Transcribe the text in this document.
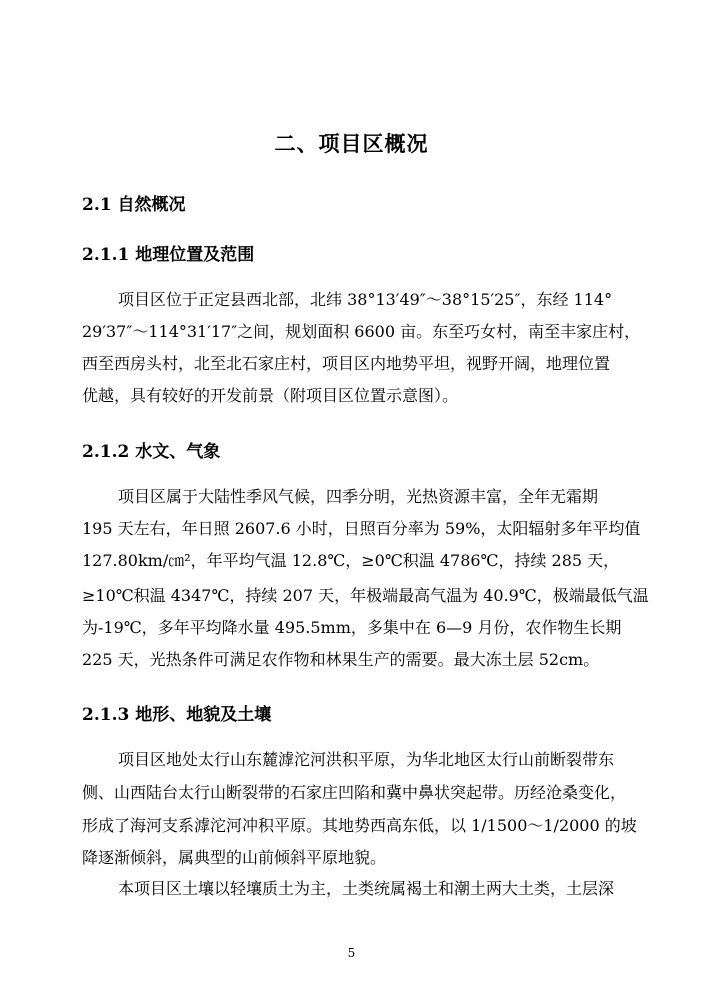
二、项目区概况
2.1 自然概况
2.1.1 地理位置及范围
项目区位于正定县西北部，北纬 38°13′49″～38°15′25″，东经 114°
29′37″～114°31′17″之间，规划面积 6600 亩。东至巧女村，南至丰家庄村，
西至西房头村，北至北石家庄村，项目区内地势平坦，视野开阔，地理位置
优越，具有较好的开发前景（附项目区位置示意图）。
2.1.2 水文、气象
项目区属于大陆性季风气候，四季分明，光热资源丰富，全年无霜期
195 天左右，年日照 2607.6 小时，日照百分率为 59%，太阳辐射多年平均值
127.80km/㎝²，年平均气温 12.8℃，≥0℃积温 4786℃，持续 285 天，
≥10℃积温 4347℃，持续 207 天，年极端最高气温为 40.9℃，极端最低气温
为-19℃，多年平均降水量 495.5mm，多集中在 6—9 月份，农作物生长期
225 天，光热条件可满足农作物和林果生产的需要。最大冻土层 52cm。
2.1.3 地形、地貌及土壤
项目区地处太行山东麓滹沱河洪积平原，为华北地区太行山前断裂带东
侧、山西陆台太行山断裂带的石家庄凹陷和冀中鼻状突起带。历经沧桑变化，
形成了海河支系滹沱河冲积平原。其地势西高东低，以 1/1500～1/2000 的坡
降逐渐倾斜，属典型的山前倾斜平原地貌。
本项目区土壤以轻壤质土为主，土类统属褐土和潮土两大土类，土层深
5
